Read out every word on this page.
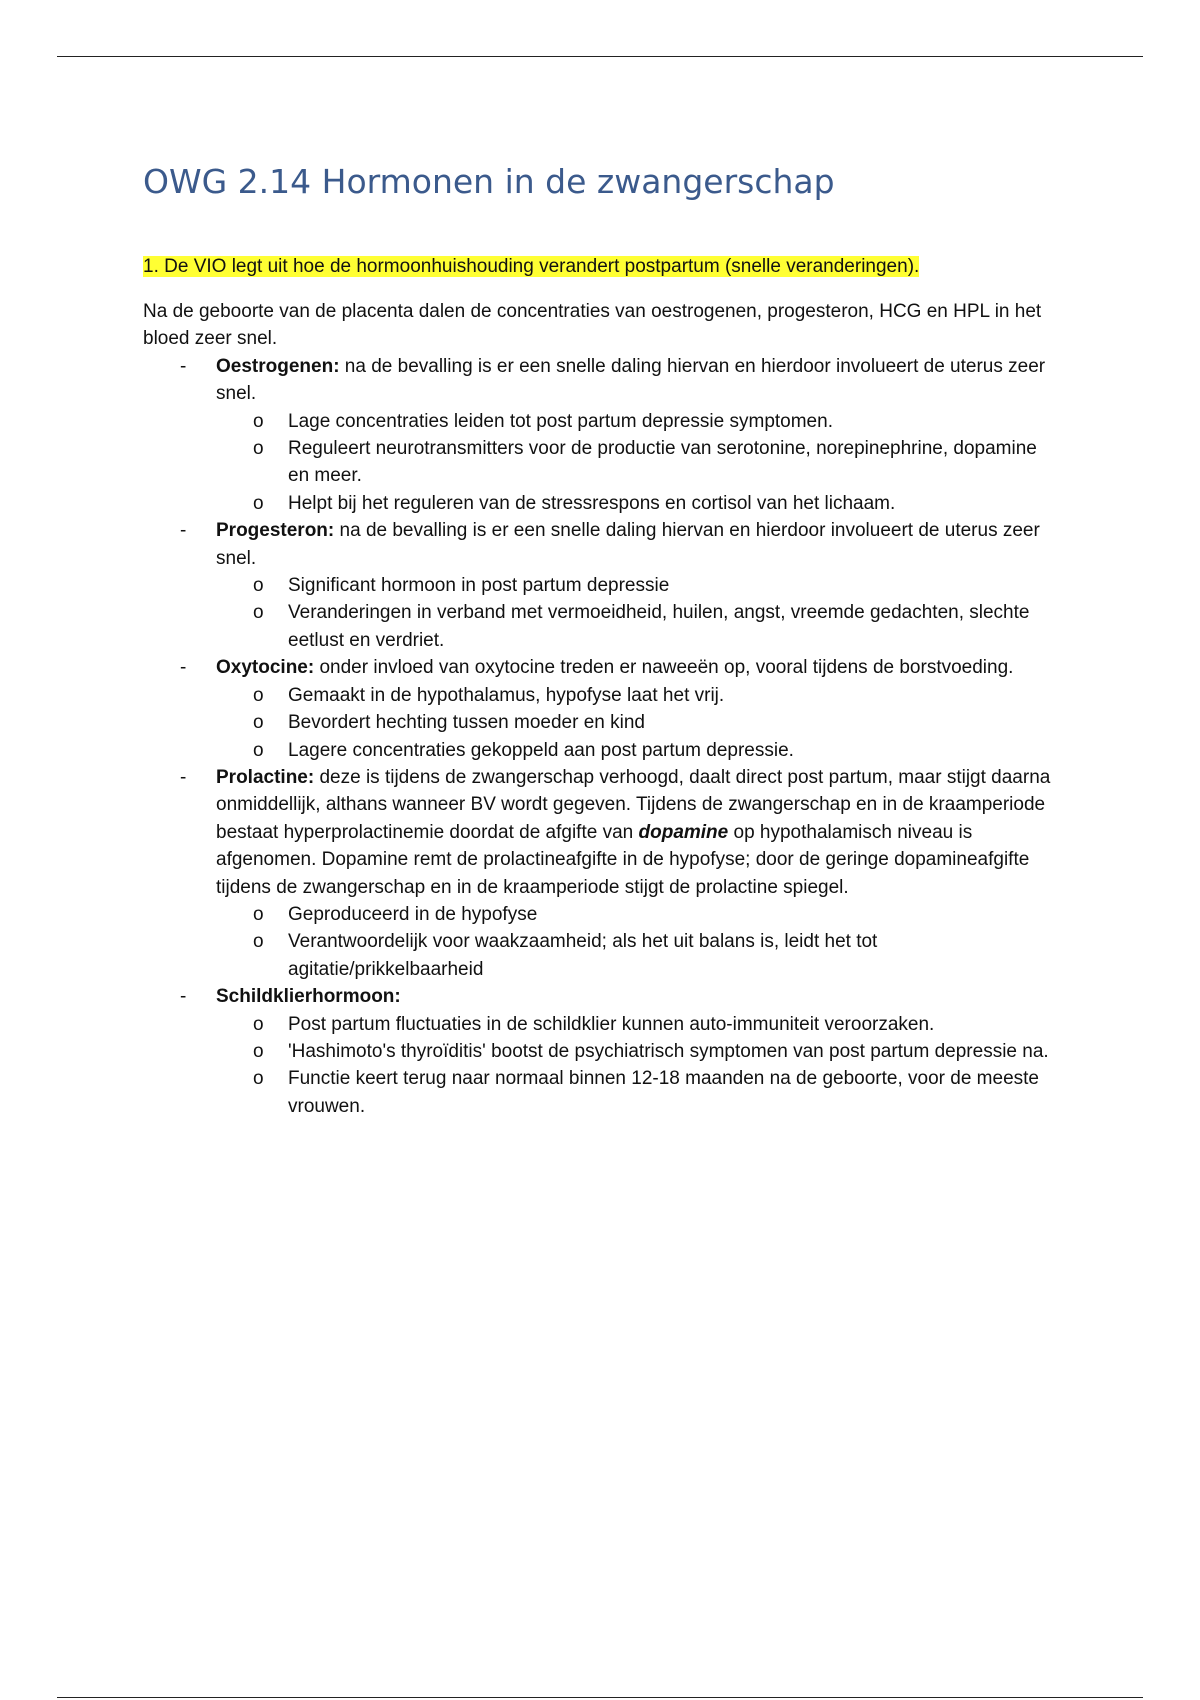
OWG 2.14 Hormonen in de zwangerschap

1. De VIO legt uit hoe de hormoonhuishouding verandert postpartum (snelle veranderingen).

Na de geboorte van de placenta dalen de concentraties van oestrogenen, progesteron, HCG en HPL in het bloed zeer snel.

- Oestrogenen: na de bevalling is er een snelle daling hiervan en hierdoor involueert de uterus zeer snel.
o Lage concentraties leiden tot post partum depressie symptomen.
o Reguleert neurotransmitters voor de productie van serotonine, norepinephrine, dopamine en meer.
o Helpt bij het reguleren van de stressrespons en cortisol van het lichaam.
- Progesteron: na de bevalling is er een snelle daling hiervan en hierdoor involueert de uterus zeer snel.
o Significant hormoon in post partum depressie
o Veranderingen in verband met vermoeidheid, huilen, angst, vreemde gedachten, slechte eetlust en verdriet.
- Oxytocine: onder invloed van oxytocine treden er naweeën op, vooral tijdens de borstvoeding.
o Gemaakt in de hypothalamus, hypofyse laat het vrij.
o Bevordert hechting tussen moeder en kind
o Lagere concentraties gekoppeld aan post partum depressie.
- Prolactine: deze is tijdens de zwangerschap verhoogd, daalt direct post partum, maar stijgt daarna onmiddellijk, althans wanneer BV wordt gegeven. Tijdens de zwangerschap en in de kraamperiode bestaat hyperprolactinemie doordat de afgifte van dopamine op hypothalamisch niveau is afgenomen. Dopamine remt de prolactineafgifte in de hypofyse; door de geringe dopamineafgifte tijdens de zwangerschap en in de kraamperiode stijgt de prolactine spiegel.
o Geproduceerd in de hypofyse
o Verantwoordelijk voor waakzaamheid; als het uit balans is, leidt het tot agitatie/prikkelbaarheid
- Schildklierhormoon:
o Post partum fluctuaties in de schildklier kunnen auto-immuniteit veroorzaken.
o 'Hashimoto's thyroïditis' bootst de psychiatrisch symptomen van post partum depressie na.
o Functie keert terug naar normaal binnen 12-18 maanden na de geboorte, voor de meeste vrouwen.
